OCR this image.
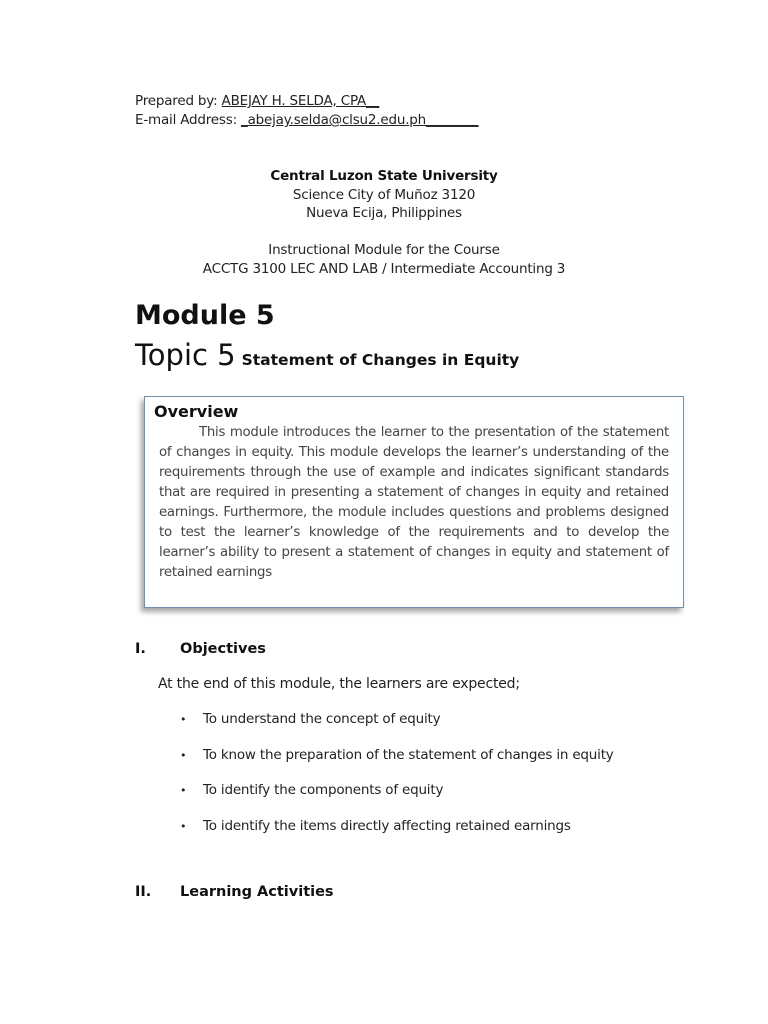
Prepared by: ABEJAY H. SELDA, CPA__
E-mail Address: _abejay.selda@clsu2.edu.ph________
Central Luzon State University
Science City of Muñoz 3120
Nueva Ecija, Philippines
Instructional Module for the Course
ACCTG 3100 LEC AND LAB / Intermediate Accounting 3
Module 5
Topic 5 Statement of Changes in Equity
Overview
This module introduces the learner to the presentation of the statement of changes in equity. This module develops the learner’s understanding of the requirements through the use of example and indicates significant standards that are required in presenting a statement of changes in equity and retained earnings. Furthermore, the module includes questions and problems designed to test the learner’s knowledge of the requirements and to develop the learner’s ability to present a statement of changes in equity and statement of retained earnings
I. Objectives
At the end of this module, the learners are expected;
• To understand the concept of equity
• To know the preparation of the statement of changes in equity
• To identify the components of equity
• To identify the items directly affecting retained earnings
II. Learning Activities
